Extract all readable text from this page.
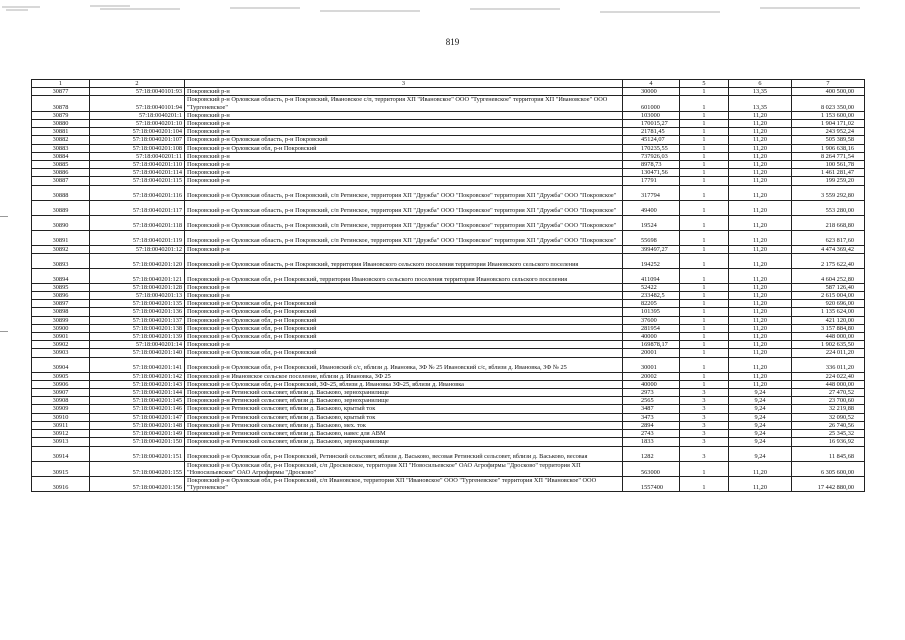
819
1	2	3	4	5	6	7
30877	57:18:0040101:93	Покровский р-н	30000	1	13,35	400 500,00
30878	57:18:0040101:94	Покровский р-н Орловская область, р-н Покровский, Ивановское с/п, территория ХП "Ивановское" ООО "Тургеневское" территория ХП "Ивановское" ООО "Тургеневское"	601000	1	13,35	8 023 350,00
30879	57:18:0040201:1	Покровский р-н	103000	1	11,20	1 153 600,00
30880	57:18:0040201:10	Покровский р-н	170015,27	1	11,20	1 904 171,02
30881	57:18:0040201:104	Покровский р-н	21781,45	1	11,20	243 952,24
30882	57:18:0040201:107	Покровский р-н Орловская область, р-н Покровский	45124,07	1	11,20	505 389,58
30883	57:18:0040201:108	Покровский р-н Орловская обл, р-н Покровский	170235,55	1	11,20	1 906 638,16
30884	57:18:0040201:11	Покровский р-н	737926,03	1	11,20	8 264 771,54
30885	57:18:0040201:110	Покровский р-н	8978,73	1	11,20	100 561,78
30886	57:18:0040201:114	Покровский р-н	130471,56	1	11,20	1 461 281,47
30887	57:18:0040201:115	Покровский р-н	17791	1	11,20	199 259,20
30888	57:18:0040201:116	Покровский р-н Орловская область, р-н Покровский, с/п Ретинское, территория ХП "Дружба" ООО "Покровское" территория ХП "Дружба" ООО "Покровское"	317794	1	11,20	3 559 292,80
30889	57:18:0040201:117	Покровский р-н Орловская область, р-н Покровский, с/п Ретинское, территория ХП "Дружба" ООО "Покровское" территория ХП "Дружба" ООО "Покровское"	49400	1	11,20	553 280,00
30890	57:18:0040201:118	Покровский р-н Орловская область, р-н Покровский, с/п Ретинское, территория ХП "Дружба" ООО "Покровское" территория ХП "Дружба" ООО "Покровское"	19524	1	11,20	218 668,80
30891	57:18:0040201:119	Покровский р-н Орловская область, р-н Покровский, с/п Ретинское, территория ХП "Дружба" ООО "Покровское" территория ХП "Дружба" ООО "Покровское"	55698	1	11,20	623 817,60
30892	57:18:0040201:12	Покровский р-н	399497,27	1	11,20	4 474 369,42
30893	57:18:0040201:120	Покровский р-н Орловская область, р-н Покровский, территория Ивановского сельского поселения территория Ивановского сельского поселения	194252	1	11,20	2 175 622,40
30894	57:18:0040201:121	Покровский р-н Орловская обл, р-н Покровский, территория Ивановского сельского поселения территория Ивановского сельского поселения	411094	1	11,20	4 604 252,80
30895	57:18:0040201:128	Покровский р-н	52422	1	11,20	587 126,40
30896	57:18:0040201:13	Покровский р-н	233482,5	1	11,20	2 615 004,00
30897	57:18:0040201:135	Покровский р-н Орловская обл, р-н Покровский	82205	1	11,20	920 696,00
30898	57:18:0040201:136	Покровский р-н Орловская обл, р-н Покровский	101395	1	11,20	1 135 624,00
30899	57:18:0040201:137	Покровский р-н Орловская обл, р-н Покровский	37600	1	11,20	421 120,00
30900	57:18:0040201:138	Покровский р-н Орловская обл, р-н Покровский	281954	1	11,20	3 157 884,80
30901	57:18:0040201:139	Покровский р-н Орловская обл, р-н Покровский	40000	1	11,20	448 000,00
30902	57:18:0040201:14	Покровский р-н	169878,17	1	11,20	1 902 635,50
30903	57:18:0040201:140	Покровский р-н Орловская обл, р-н Покровский	20001	1	11,20	224 011,20
30904	57:18:0040201:141	Покровский р-н Орловская обл, р-н Покровский, Ивановский с/с, вблизи д. Ивановка, ЗФ № 25 Ивановский с/с, вблизи д. Ивановка, ЗФ № 25	30001	1	11,20	336 011,20
30905	57:18:0040201:142	Покровский р-н Ивановское сельское поселение, вблизи д. Ивановка, ЗФ 25	20002	1	11,20	224 022,40
30906	57:18:0040201:143	Покровский р-н Орловская обл, р-н Покровский, ЗФ-25, вблизи д. Ивановка ЗФ-25, вблизи д. Ивановка	40000	1	11,20	448 000,00
30907	57:18:0040201:144	Покровский р-н Ретинский сельсовет, вблизи д. Васьково, зернохранилище	2973	3	9,24	27 470,52
30908	57:18:0040201:145	Покровский р-н Ретинский сельсовет, вблизи д. Васьково, зернохранилище	2565	3	9,24	23 700,60
30909	57:18:0040201:146	Покровский р-н Ретинский сельсовет, вблизи д. Васьково, крытый ток	3487	3	9,24	32 219,88
30910	57:18:0040201:147	Покровский р-н Ретинский сельсовет, вблизи д. Васьково, крытый ток	3473	3	9,24	32 090,52
30911	57:18:0040201:148	Покровский р-н Ретинский сельсовет, вблизи д. Васьково, мех. ток	2894	3	9,24	26 740,56
30912	57:18:0040201:149	Покровский р-н Ретинский сельсовет, вблизи д. Васьково, навес для АВМ	2743	3	9,24	25 345,32
30913	57:18:0040201:150	Покровский р-н Ретинский сельсовет, вблизи д. Васьково, зернохранилище	1833	3	9,24	16 936,92
30914	57:18:0040201:151	Покровский р-н Орловская обл, р-н Покровский, Ретинский сельсовет, вблизи д. Васьково, весовая Ретинский сельсовет, вблизи д. Васьково, весовая	1282	3	9,24	11 845,68
30915	57:18:0040201:155	Покровский р-н Орловская обл, р-н Покровский, с/п Дросковское, территория ХП "Новосильевское" ОАО Агрофирмы "Дросково" территория ХП "Новосильевское" ОАО Агрофирмы "Дросково"	563000	1	11,20	6 305 600,00
30916	57:18:0040201:156	Покровский р-н Орловская обл, р-н Покровский, с/п Ивановское, территория ХП "Ивановское" ООО "Тургеневское" территория ХП "Ивановское" ООО "Тургеневское"	1557400	1	11,20	17 442 880,00
